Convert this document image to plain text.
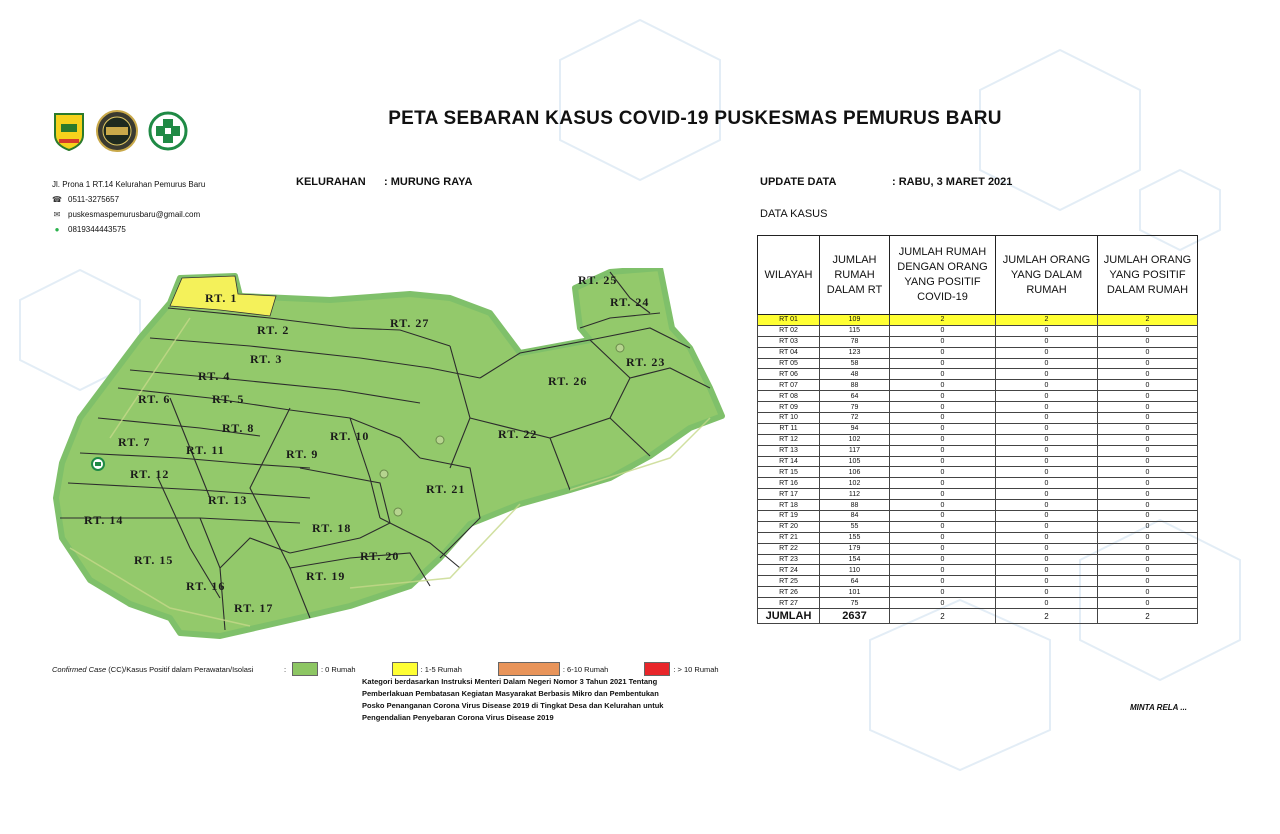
PETA SEBARAN KASUS COVID-19 PUSKESMAS PEMURUS BARU
Jl. Prona 1 RT.14 Kelurahan Pemurus Baru
☎ 0511-3275657
✉ puskesmaspemurusbaru@gmail.com
●	0819344443575
KELURAHAN : MURUNG RAYA	UPDATE DATA	: RABU, 3 MARET 2021
DATA KASUS
WILAYAH	JUMLAH RUMAH DALAM RT	JUMLAH RUMAH DENGAN ORANG YANG POSITIF COVID-19	JUMLAH ORANG YANG DALAM RUMAH	JUMLAH ORANG YANG POSITIF DALAM RUMAH
RT 01	109	2	2	2
RT 02	115	0	0	0
RT 03	78	0	0	0
RT 04	123	0	0	0
RT 05	58	0	0	0
RT 06	48	0	0	0
RT 07	88	0	0	0
RT 08	64	0	0	0
RT 09	79	0	0	0
RT 10	72	0	0	0
RT 11	94	0	0	0
RT 12	102	0	0	0
RT 13	117	0	0	0
RT 14	105	0	0	0
RT 15	106	0	0	0
RT 16	102	0	0	0
RT 17	112	0	0	0
RT 18	88	0	0	0
RT 19	84	0	0	0
RT 20	55	0	0	0
RT 21	155	0	0	0
RT 22	179	0	0	0
RT 23	154	0	0	0
RT 24	110	0	0	0
RT 25	64	0	0	0
RT 26	101	0	0	0
RT 27	75	0	0	0
JUMLAH	2637	2	2	2
RT. 1
RT. 2
RT. 3
RT. 4
RT. 5
RT. 6
RT. 7
RT. 8
RT. 9
RT. 10
RT. 11
RT. 12
RT. 13
RT. 14
RT. 15
RT. 16
RT. 17
RT. 18
RT. 19
RT. 20
RT. 21
RT. 22
RT. 23
RT. 24
RT. 25
RT. 26
RT. 27
Confirmed Case (CC)/Kasus Positif dalam Perawatan/Isolasi	:	: 0 Rumah	: 1-5 Rumah	: 6-10 Rumah	: > 10 Rumah
Kategori berdasarkan Instruksi Menteri Dalam Negeri Nomor 3 Tahun 2021 Tentang Pemberlakuan Pembatasan Kegiatan Masyarakat Berbasis Mikro dan Pembentukan Posko Penanganan Corona Virus Disease 2019 di Tingkat Desa dan Kelurahan untuk Pengendalian Penyebaran Corona Virus Disease 2019
MINTA RELA ...
